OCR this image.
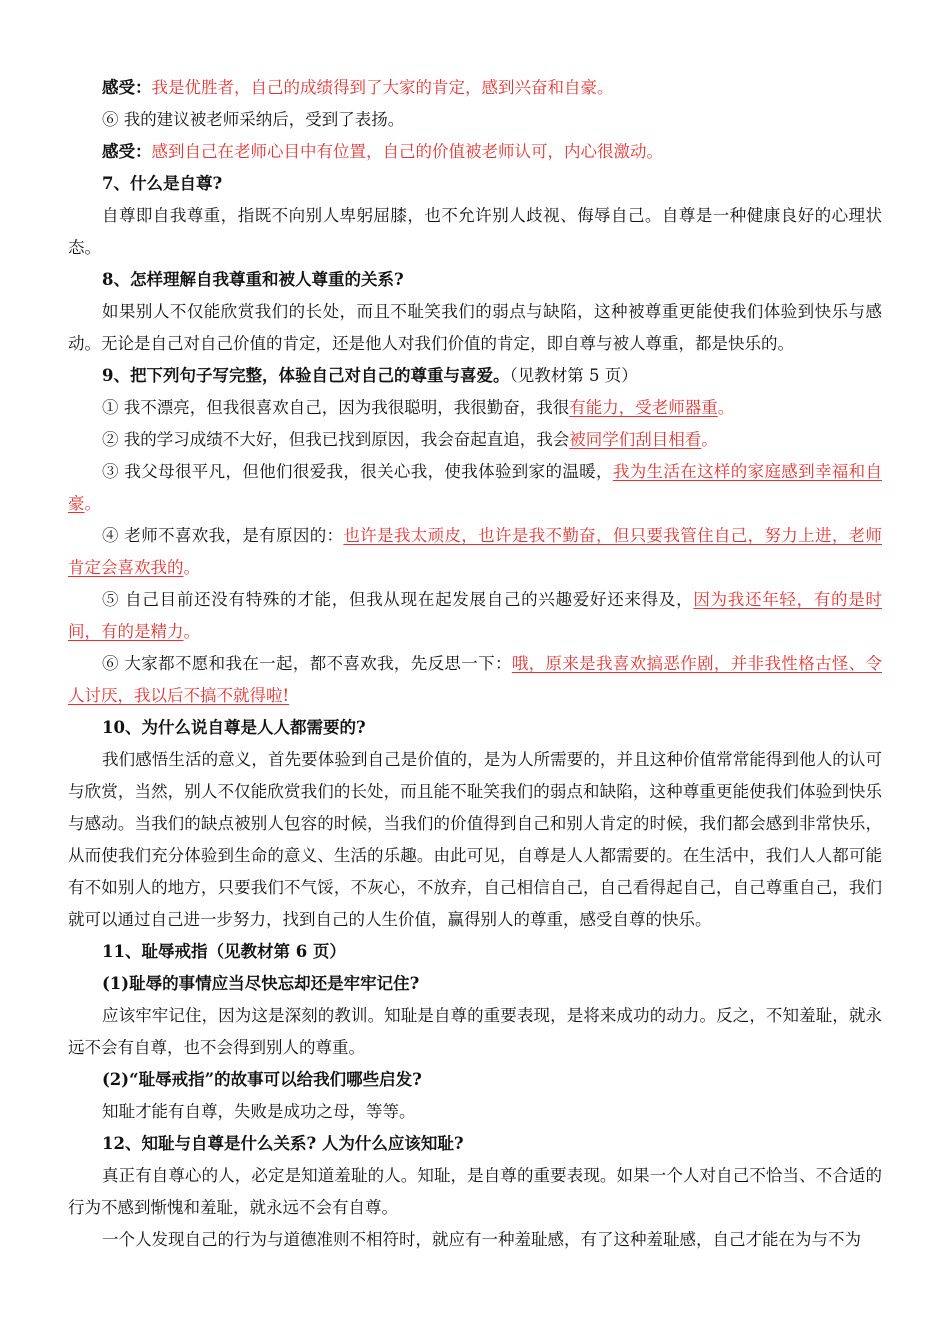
感受：我是优胜者，自己的成绩得到了大家的肯定，感到兴奋和自豪。

⑥ 我的建议被老师采纳后，受到了表扬。

感受：感到自己在老师心目中有位置，自己的价值被老师认可，内心很激动。

7、什么是自尊?

自尊即自我尊重，指既不向别人卑躬屈膝，也不允许别人歧视、侮辱自己。自尊是一种健康良好的心理状态。

8、怎样理解自我尊重和被人尊重的关系?

如果别人不仅能欣赏我们的长处，而且不耻笑我们的弱点与缺陷，这种被尊重更能使我们体验到快乐与感动。无论是自己对自己价值的肯定，还是他人对我们价值的肯定，即自尊与被人尊重，都是快乐的。

9、把下列句子写完整，体验自己对自己的尊重与喜爱。（见教材第 5 页）

① 我不漂亮，但我很喜欢自己，因为我很聪明，我很勤奋，我很有能力，受老师器重。

② 我的学习成绩不大好，但我已找到原因，我会奋起直追，我会被同学们刮目相看。

③ 我父母很平凡，但他们很爱我，很关心我，使我体验到家的温暖，我为生活在这样的家庭感到幸福和自豪。

④ 老师不喜欢我，是有原因的：也许是我太顽皮，也许是我不勤奋，但只要我管住自己，努力上进，老师肯定会喜欢我的。

⑤ 自己目前还没有特殊的才能，但我从现在起发展自己的兴趣爱好还来得及，因为我还年轻，有的是时间，有的是精力。

⑥ 大家都不愿和我在一起，都不喜欢我，先反思一下：哦，原来是我喜欢搞恶作剧，并非我性格古怪、令人讨厌，我以后不搞不就得啦!

10、为什么说自尊是人人都需要的?

我们感悟生活的意义，首先要体验到自己是价值的，是为人所需要的，并且这种价值常常能得到他人的认可与欣赏，当然，别人不仅能欣赏我们的长处，而且能不耻笑我们的弱点和缺陷，这种尊重更能使我们体验到快乐与感动。当我们的缺点被别人包容的时候，当我们的价值得到自己和别人肯定的时候，我们都会感到非常快乐，从而使我们充分体验到生命的意义、生活的乐趣。由此可见，自尊是人人都需要的。在生活中，我们人人都可能有不如别人的地方，只要我们不气馁，不灰心，不放弃，自己相信自己，自己看得起自己，自己尊重自己，我们就可以通过自己进一步努力，找到自己的人生价值，赢得别人的尊重，感受自尊的快乐。

11、耻辱戒指（见教材第 6 页）

(1)耻辱的事情应当尽快忘却还是牢牢记住?

应该牢牢记住，因为这是深刻的教训。知耻是自尊的重要表现，是将来成功的动力。反之，不知羞耻，就永远不会有自尊，也不会得到别人的尊重。

(2)“耻辱戒指”的故事可以给我们哪些启发?

知耻才能有自尊，失败是成功之母，等等。

12、知耻与自尊是什么关系? 人为什么应该知耻?

真正有自尊心的人，必定是知道羞耻的人。知耻，是自尊的重要表现。如果一个人对自己不恰当、不合适的行为不感到惭愧和羞耻，就永远不会有自尊。

一个人发现自己的行为与道德准则不相符时，就应有一种羞耻感，有了这种羞耻感，自己才能在为与不为
